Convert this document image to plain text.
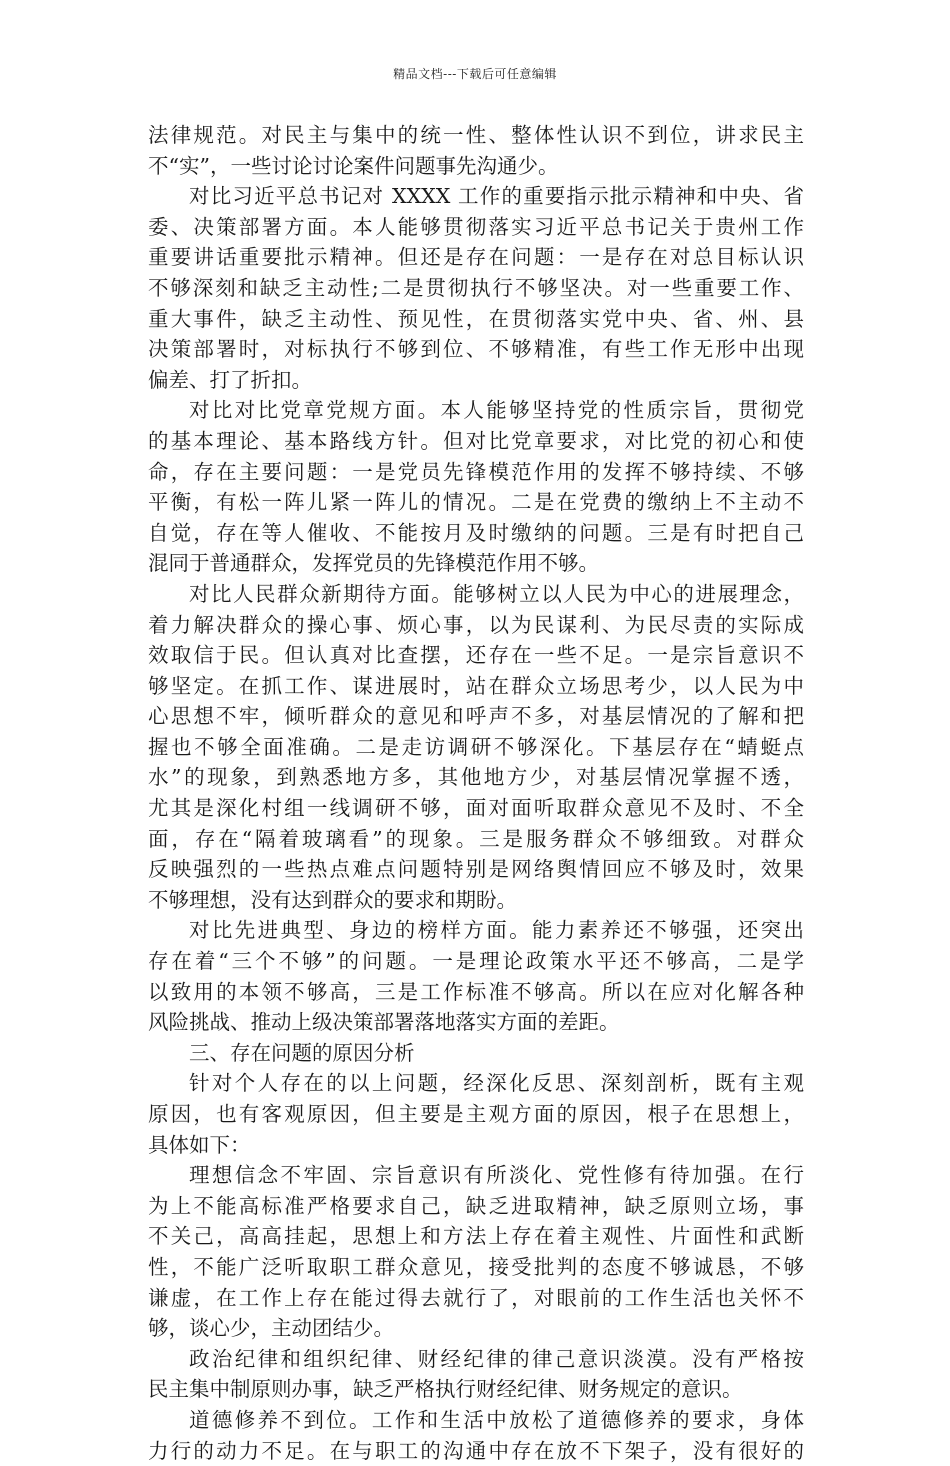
精品文档---下载后可任意编辑
法律规范。对民主与集中的统一性、整体性认识不到位，讲求民主
不“实”，一些讨论讨论案件问题事先沟通少。
对比习近平总书记对 XXXX 工作的重要指示批示精神和中央、省
委、决策部署方面。本人能够贯彻落实习近平总书记关于贵州工作
重要讲话重要批示精神。但还是存在问题：一是存在对总目标认识
不够深刻和缺乏主动性;二是贯彻执行不够坚决。对一些重要工作、
重大事件，缺乏主动性、预见性，在贯彻落实党中央、省、州、县
决策部署时，对标执行不够到位、不够精准，有些工作无形中出现
偏差、打了折扣。
对比对比党章党规方面。本人能够坚持党的性质宗旨，贯彻党
的基本理论、基本路线方针。但对比党章要求，对比党的初心和使
命，存在主要问题：一是党员先锋模范作用的发挥不够持续、不够
平衡，有松一阵儿紧一阵儿的情况。二是在党费的缴纳上不主动不
自觉，存在等人催收、不能按月及时缴纳的问题。三是有时把自己
混同于普通群众，发挥党员的先锋模范作用不够。
对比人民群众新期待方面。能够树立以人民为中心的进展理念，
着力解决群众的操心事、烦心事，以为民谋利、为民尽责的实际成
效取信于民。但认真对比查摆，还存在一些不足。一是宗旨意识不
够坚定。在抓工作、谋进展时，站在群众立场思考少，以人民为中
心思想不牢，倾听群众的意见和呼声不多，对基层情况的了解和把
握也不够全面准确。二是走访调研不够深化。下基层存在“蜻蜓点
水”的现象，到熟悉地方多，其他地方少，对基层情况掌握不透，
尤其是深化村组一线调研不够，面对面听取群众意见不及时、不全
面，存在“隔着玻璃看”的现象。三是服务群众不够细致。对群众
反映强烈的一些热点难点问题特别是网络舆情回应不够及时，效果
不够理想，没有达到群众的要求和期盼。
对比先进典型、身边的榜样方面。能力素养还不够强，还突出
存在着“三个不够”的问题。一是理论政策水平还不够高，二是学
以致用的本领不够高，三是工作标准不够高。所以在应对化解各种
风险挑战、推动上级决策部署落地落实方面的差距。
三、存在问题的原因分析
针对个人存在的以上问题，经深化反思、深刻剖析，既有主观
原因，也有客观原因，但主要是主观方面的原因，根子在思想上，
具体如下：
理想信念不牢固、宗旨意识有所淡化、党性修有待加强。在行
为上不能高标准严格要求自己，缺乏进取精神，缺乏原则立场，事
不关己，高高挂起，思想上和方法上存在着主观性、片面性和武断
性，不能广泛听取职工群众意见，接受批判的态度不够诚恳，不够
谦虚，在工作上存在能过得去就行了，对眼前的工作生活也关怀不
够，谈心少，主动团结少。
政治纪律和组织纪律、财经纪律的律己意识淡漠。没有严格按
民主集中制原则办事，缺乏严格执行财经纪律、财务规定的意识。
道德修养不到位。工作和生活中放松了道德修养的要求，身体
力行的动力不足。在与职工的沟通中存在放不下架子，没有很好的
